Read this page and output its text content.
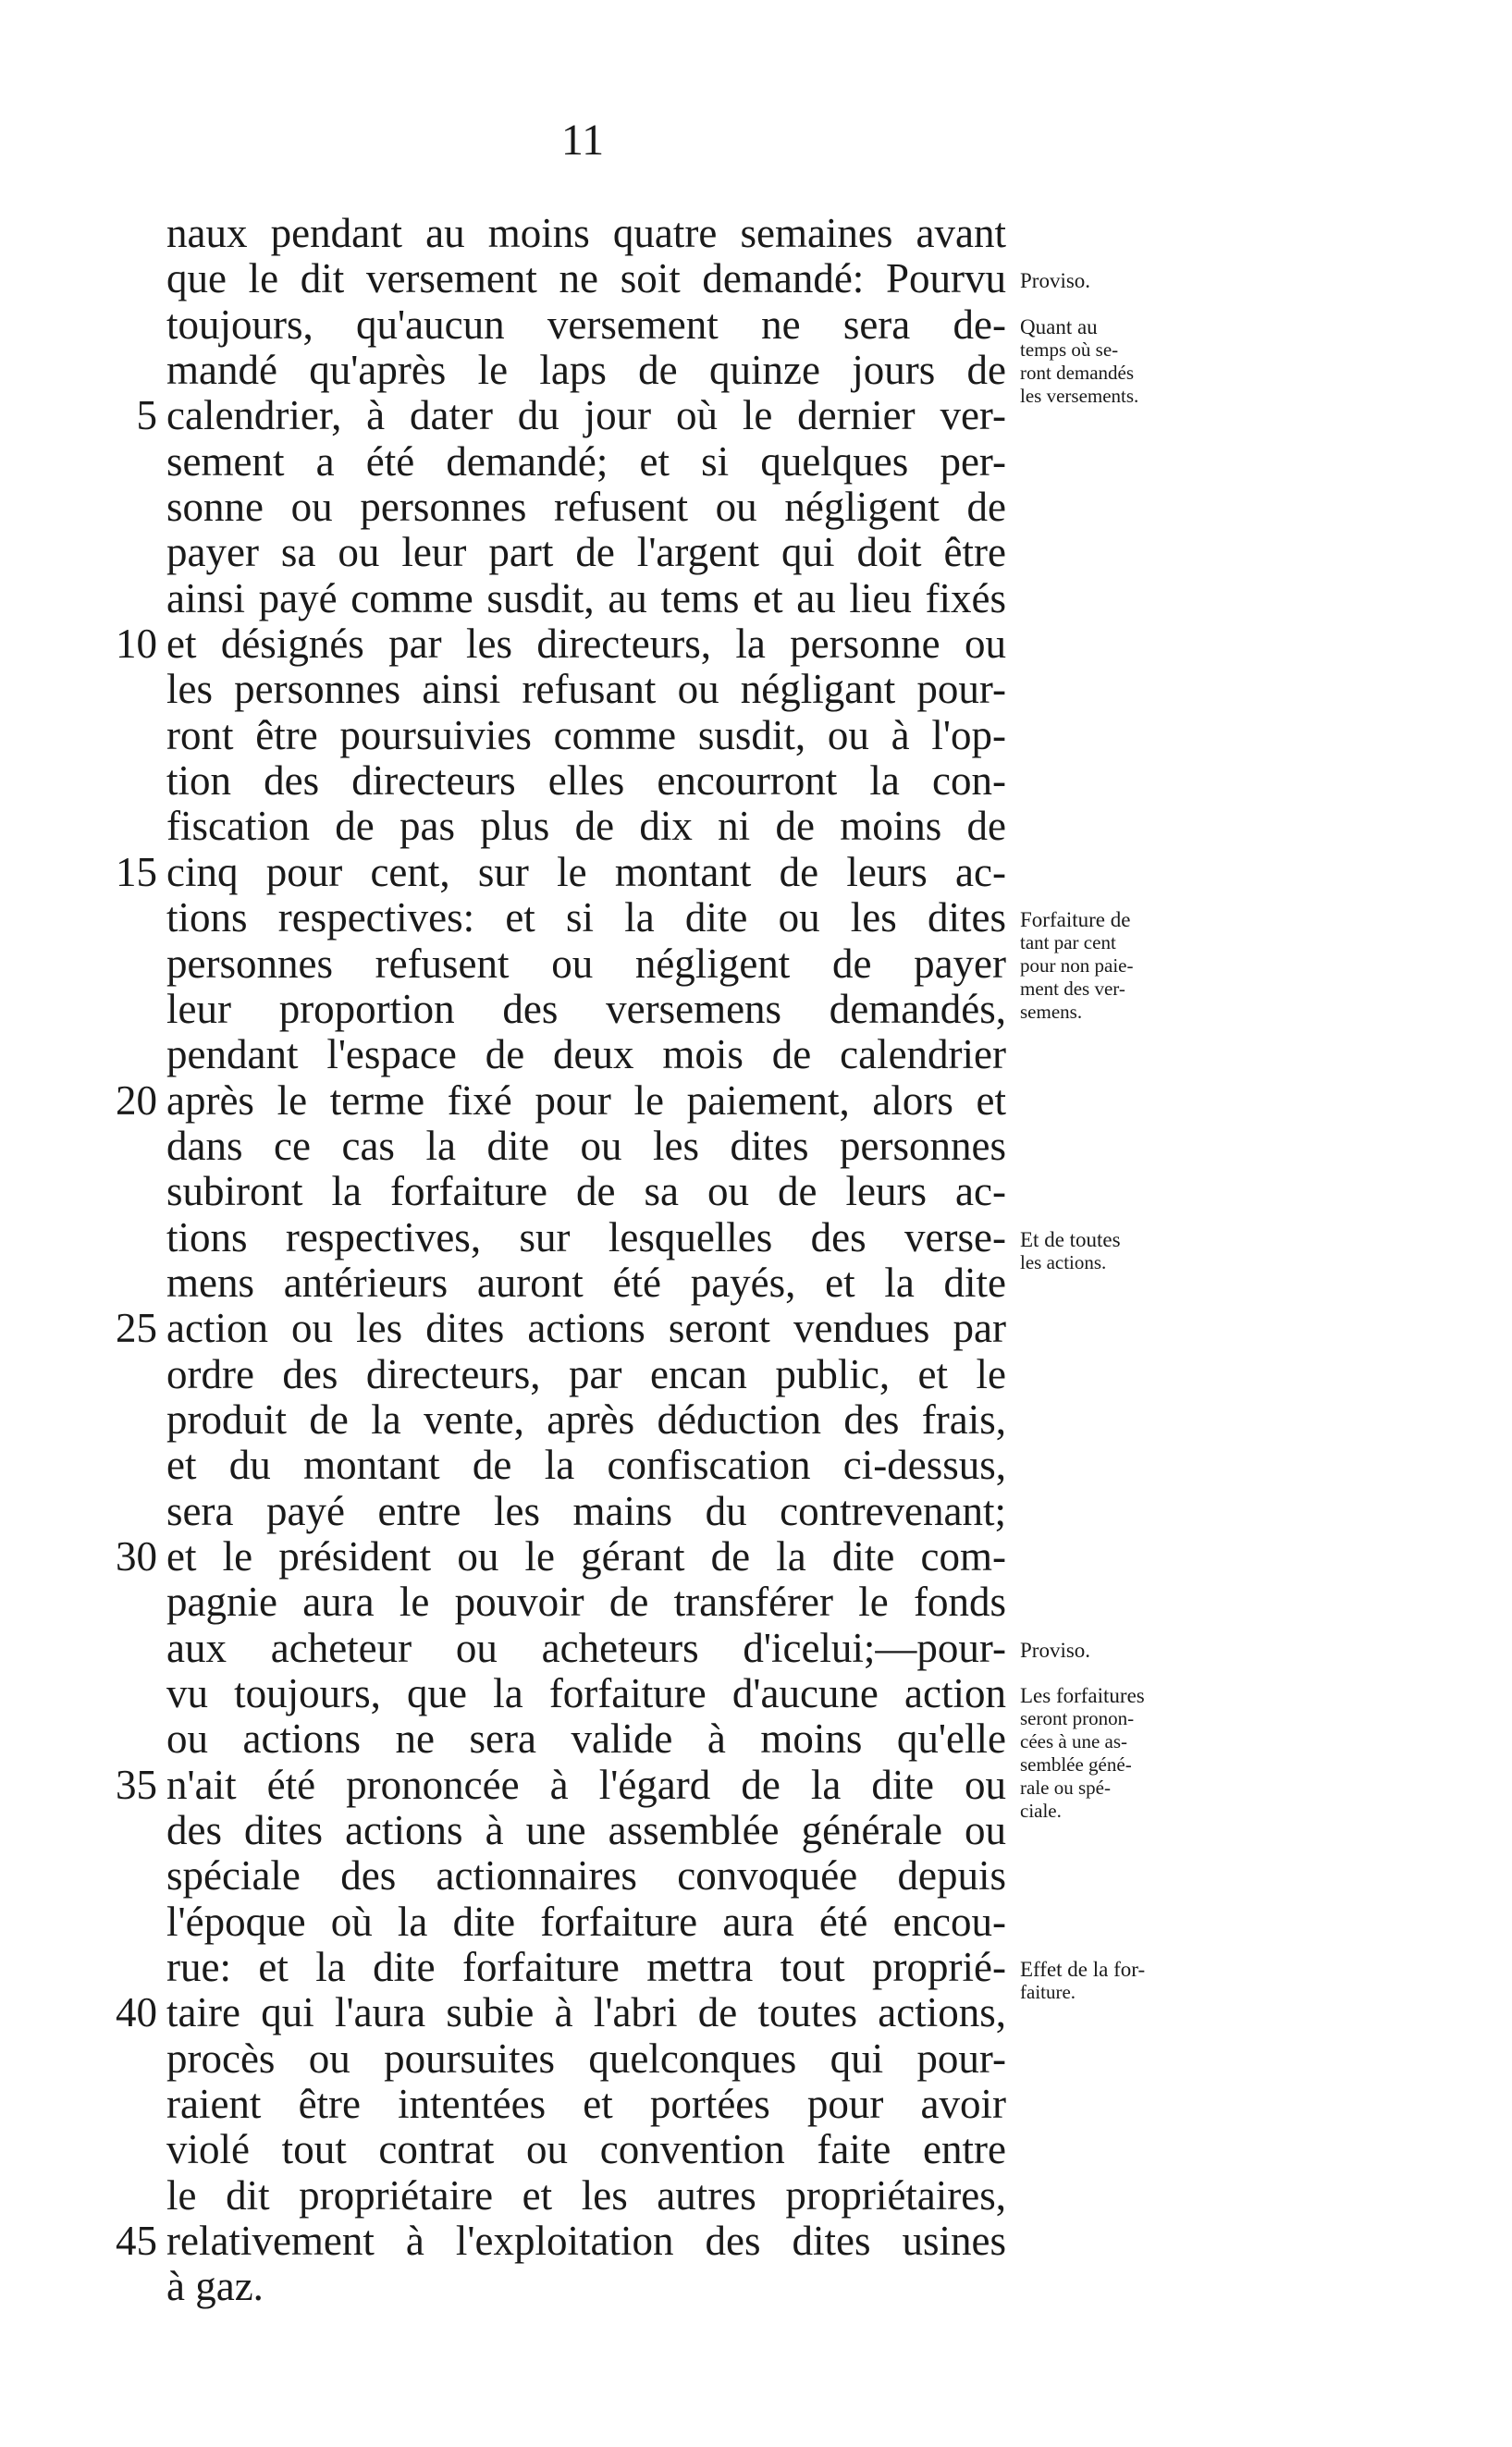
11
5
10
15
20
25
30
35
40
45
naux pendant au moins quatre semaines avant
que le dit versement ne soit demandé: Pourvu
toujours, qu'aucun versement ne sera de-
mandé qu'après le laps de quinze jours de
calendrier, à dater du jour où le dernier ver-
sement a été demandé; et si quelques per-
sonne ou personnes refusent ou négligent de
payer sa ou leur part de l'argent qui doit être
ainsi payé comme susdit, au tems et au lieu fixés
et désignés par les directeurs, la personne ou
les personnes ainsi refusant ou négligant pour-
ront être poursuivies comme susdit, ou à l'op-
tion des directeurs elles encourront la con-
fiscation de pas plus de dix ni de moins de
cinq pour cent, sur le montant de leurs ac-
tions respectives: et si la dite ou les dites
personnes refusent ou négligent de payer
leur proportion des versemens demandés,
pendant l'espace de deux mois de calendrier
après le terme fixé pour le paiement, alors et
dans ce cas la dite ou les dites personnes
subiront la forfaiture de sa ou de leurs ac-
tions respectives, sur lesquelles des verse-
mens antérieurs auront été payés, et la dite
action ou les dites actions seront vendues par
ordre des directeurs, par encan public, et le
produit de la vente, après déduction des frais,
et du montant de la confiscation ci-dessus,
sera payé entre les mains du contrevenant;
et le président ou le gérant de la dite com-
pagnie aura le pouvoir de transférer le fonds
aux acheteur ou acheteurs d'icelui;—pour-
vu toujours, que la forfaiture d'aucune action
ou actions ne sera valide à moins qu'elle
n'ait été prononcée à l'égard de la dite ou
des dites actions à une assemblée générale ou
spéciale des actionnaires convoquée depuis
l'époque où la dite forfaiture aura été encou-
rue: et la dite forfaiture mettra tout proprié-
taire qui l'aura subie à l'abri de toutes actions,
procès ou poursuites quelconques qui pour-
raient être intentées et portées pour avoir
violé tout contrat ou convention faite entre
le dit propriétaire et les autres propriétaires,
relativement à l'exploitation des dites usines
à gaz.
Proviso.
Quant au
temps où se-
ront demandés
les versements.
Forfaiture de
tant par cent
pour non paie-
ment des ver-
semens.
Et de toutes
les actions.
Proviso.
Les forfaitures
seront pronon-
cées à une as-
semblée géné-
rale ou spé-
ciale.
Effet de la for-
faiture.
